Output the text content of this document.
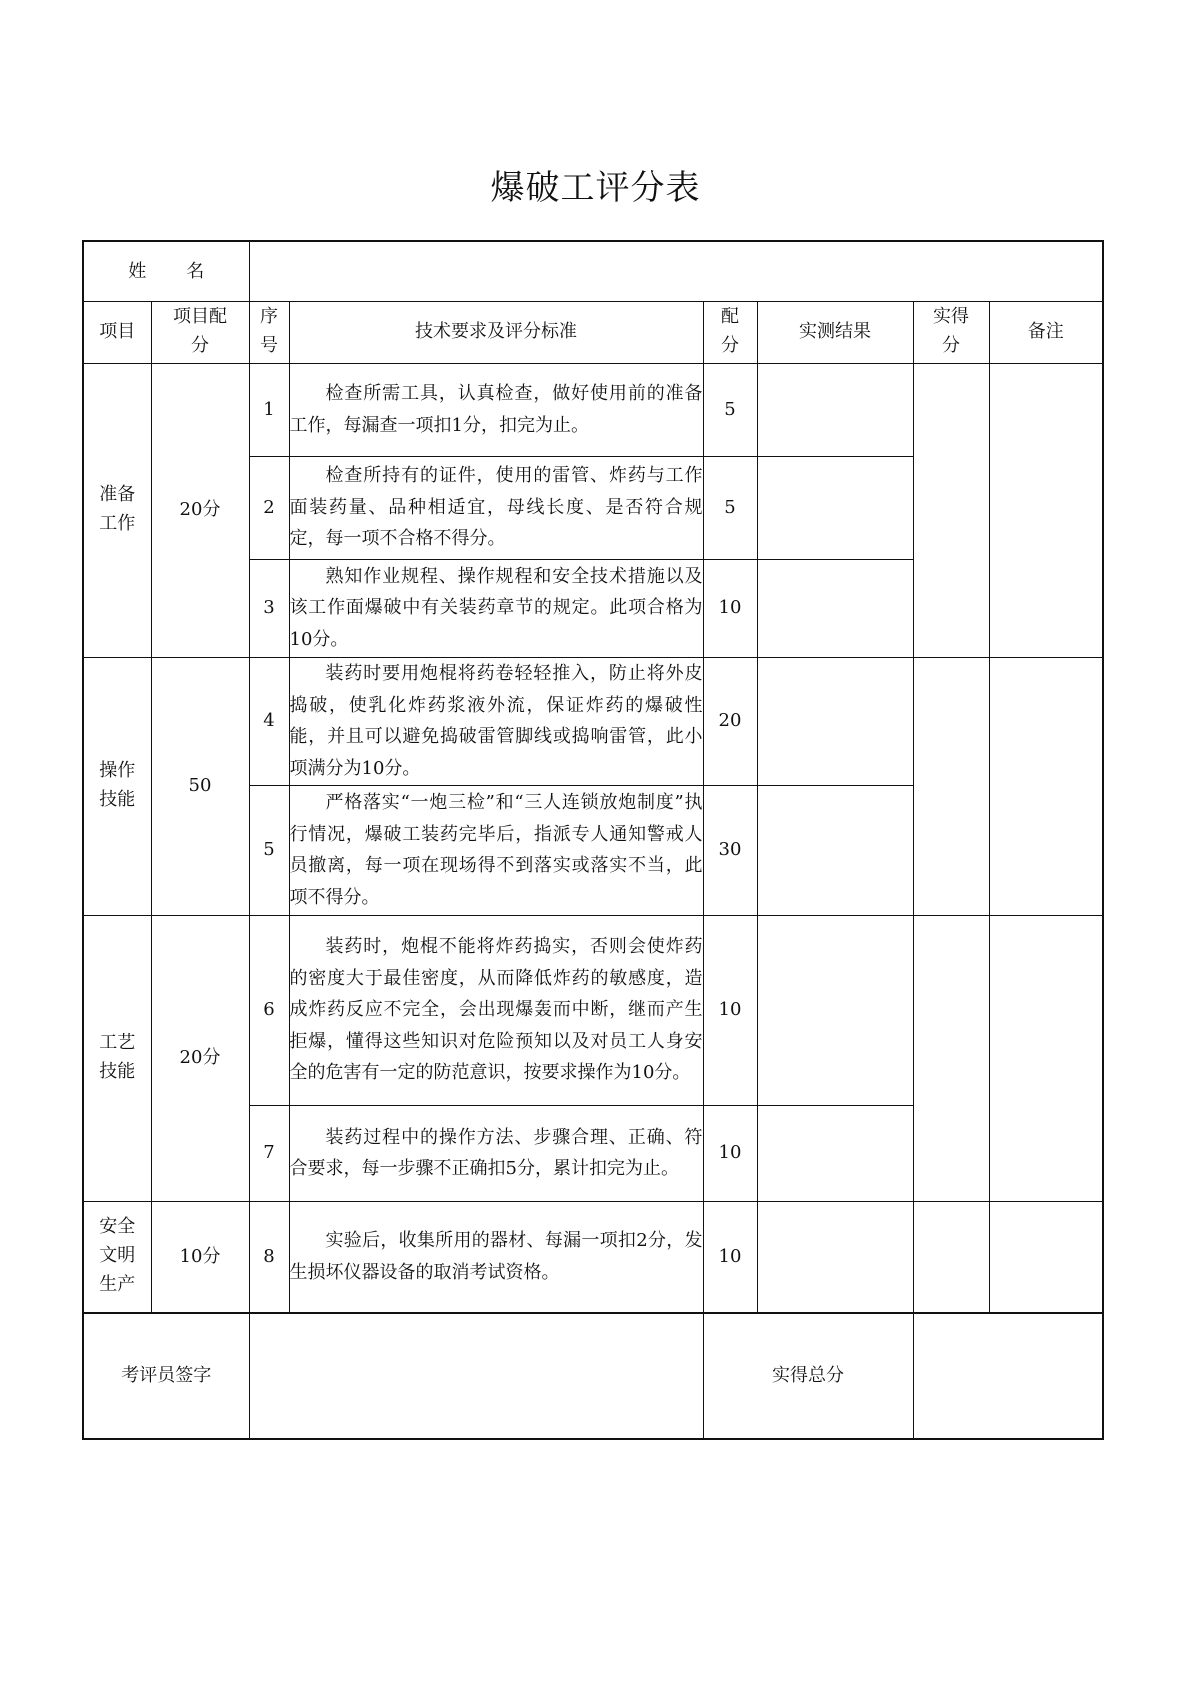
爆破工评分表
姓名							
项目	项目配分	序号	技术要求及评分标准	配分	实测结果	实得分	备注
准备工作	20分	1	检查所需工具，认真检查，做好使用前的准备工作，每漏查一项扣1分，扣完为止。	5			
		2	检查所持有的证件，使用的雷管、炸药与工作面装药量、品种相适宜，母线长度、是否符合规定，每一项不合格不得分。	5			
		3	熟知作业规程、操作规程和安全技术措施以及该工作面爆破中有关装药章节的规定。此项合格为10分。	10			
操作技能	50	4	装药时要用炮棍将药卷轻轻推入，防止将外皮捣破，使乳化炸药浆液外流，保证炸药的爆破性能，并且可以避免捣破雷管脚线或捣响雷管，此小项满分为10分。	20			
		5	严格落实“一炮三检”和“三人连锁放炮制度”执行情况，爆破工装药完毕后，指派专人通知警戒人员撤离，每一项在现场得不到落实或落实不当，此项不得分。	30			
工艺技能	20分	6	装药时，炮棍不能将炸药捣实，否则会使炸药的密度大于最佳密度，从而降低炸药的敏感度，造成炸药反应不完全，会出现爆轰而中断，继而产生拒爆，懂得这些知识对危险预知以及对员工人身安全的危害有一定的防范意识，按要求操作为10分。	10			
		7	装药过程中的操作方法、步骤合理、正确、符合要求，每一步骤不正确扣5分，累计扣完为止。	10			
安全文明生产	10分	8	实验后，收集所用的器材、每漏一项扣2分，发生损坏仪器设备的取消考试资格。	10			
考评员签字				实得总分			
